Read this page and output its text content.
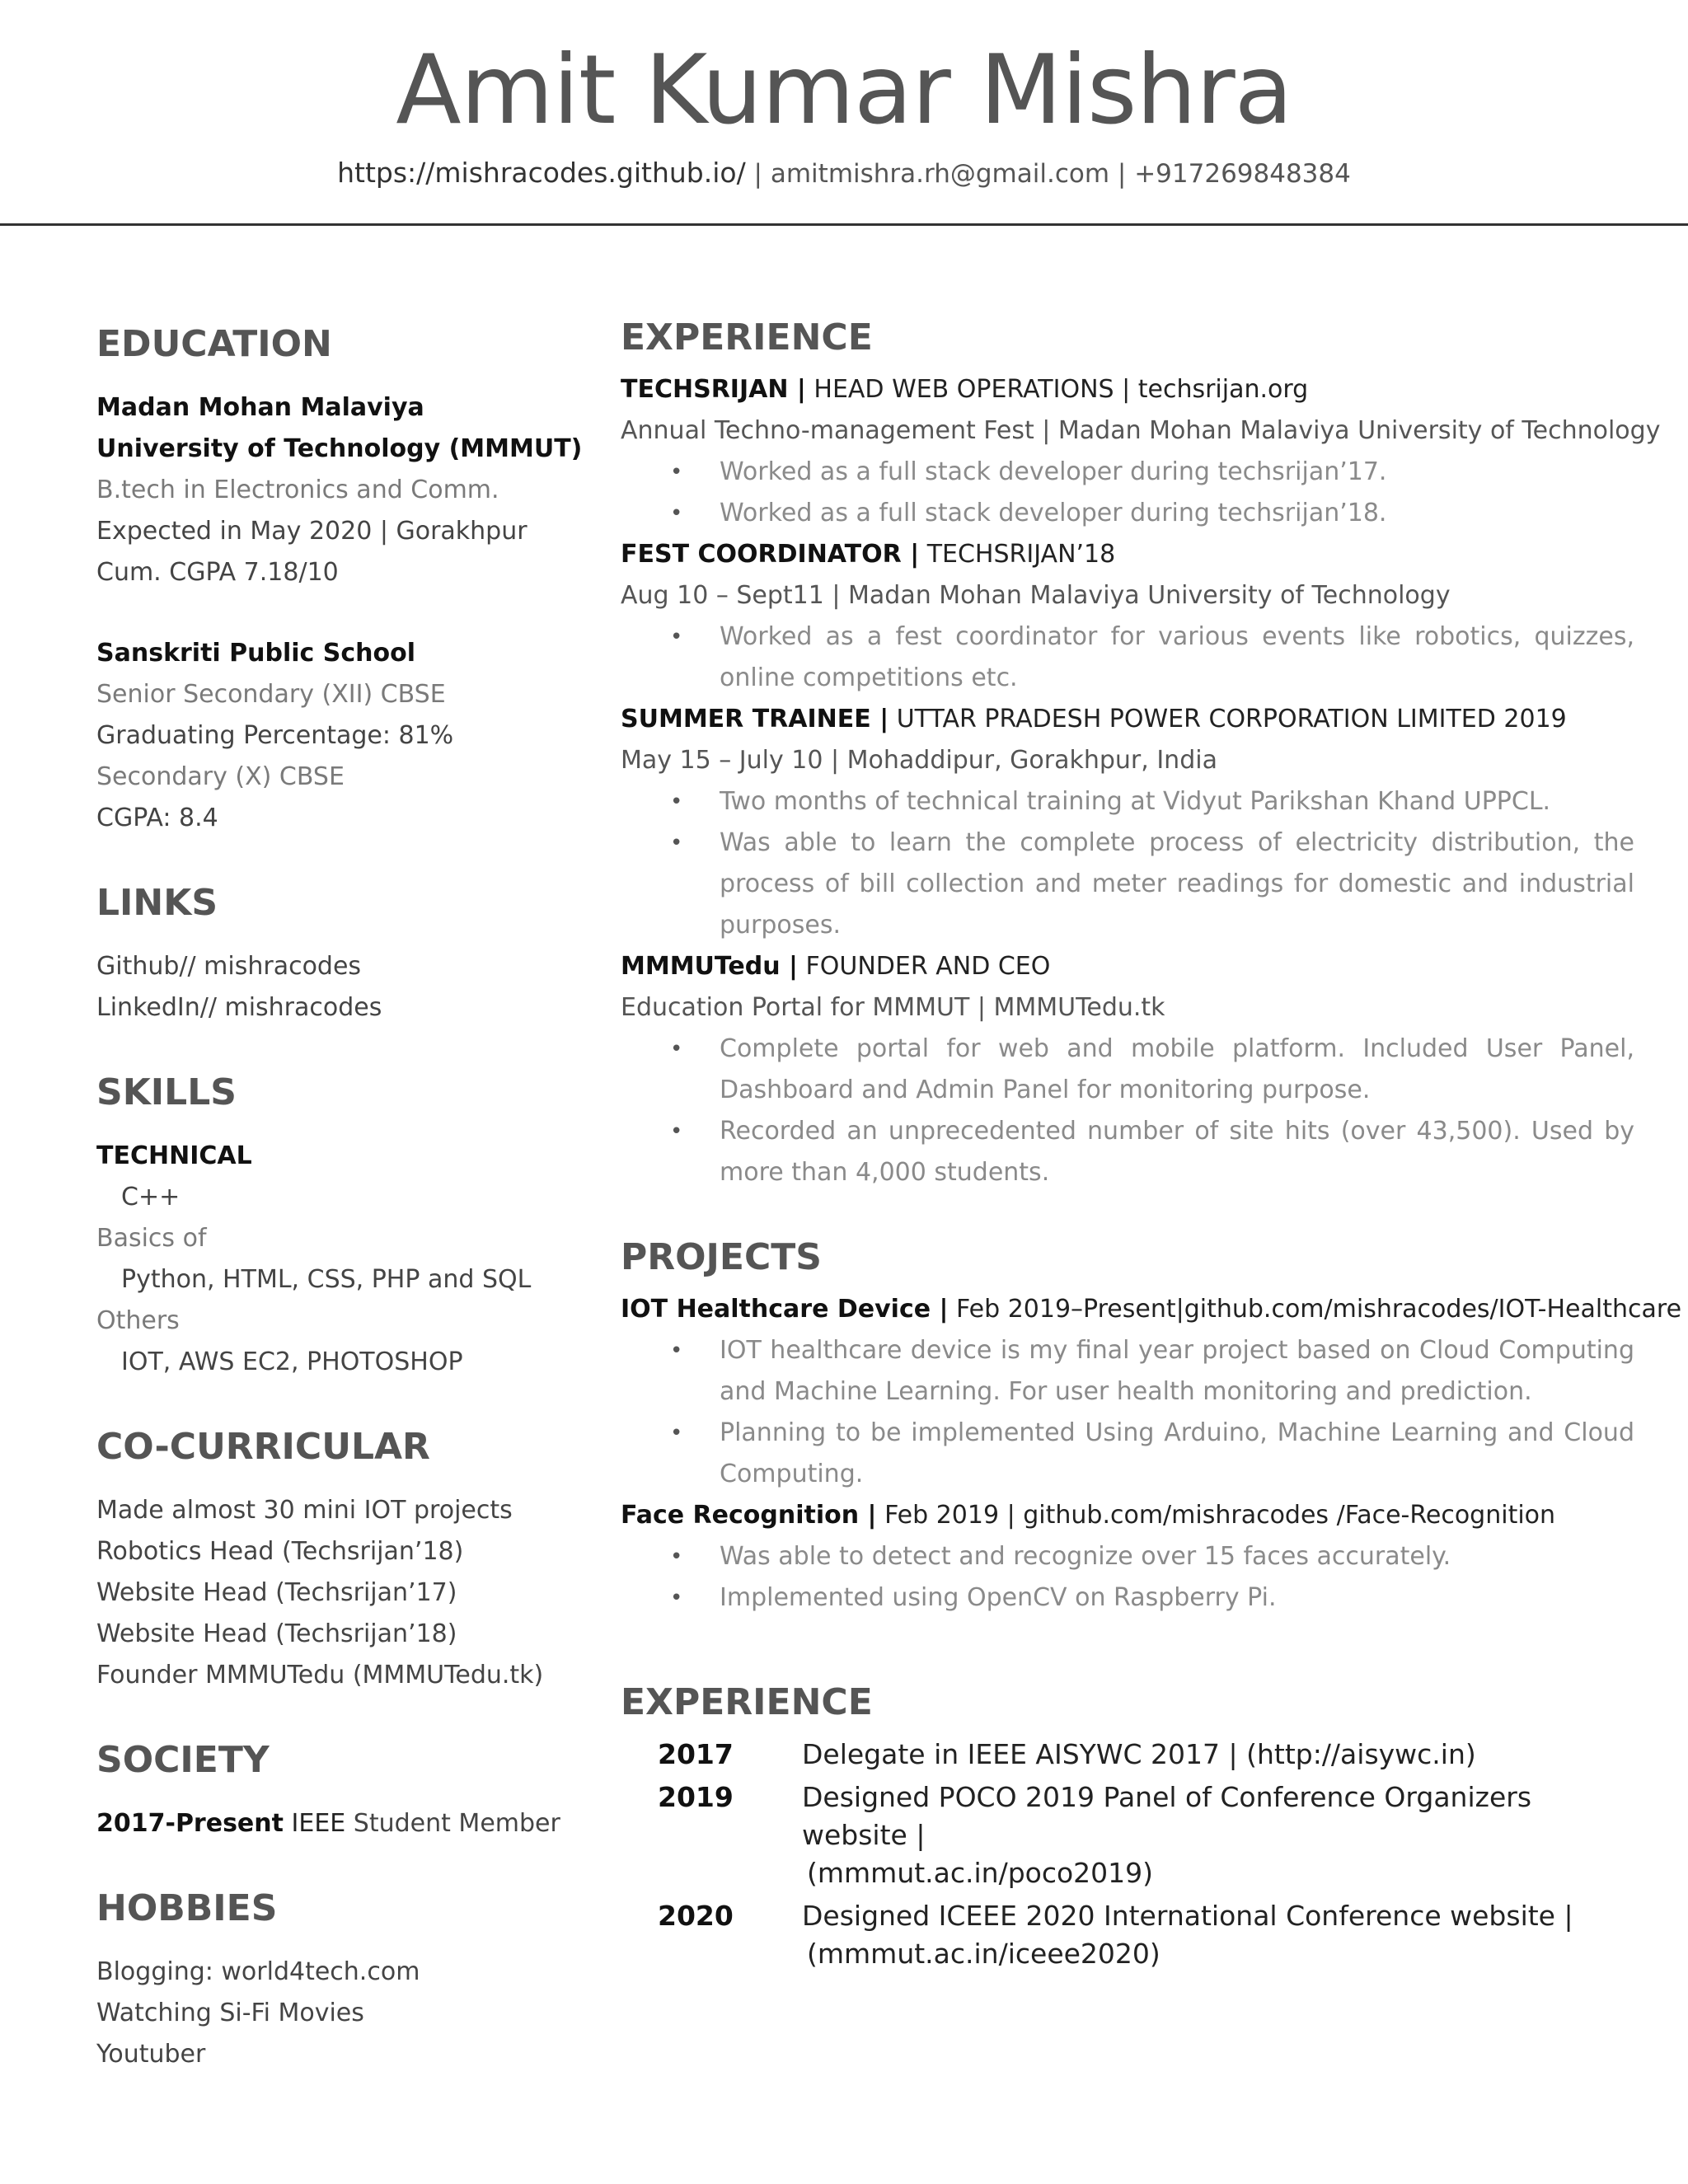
Amit Kumar Mishra
https://mishracodes.github.io/ | amitmishra.rh@gmail.com | +917269848384
EDUCATION
Madan Mohan Malaviya
University of Technology (MMMUT)
B.tech in Electronics and Comm.
Expected in May 2020 | Gorakhpur
Cum. CGPA 7.18/10
Sanskriti Public School
Senior Secondary (XII) CBSE
Graduating Percentage: 81%
Secondary (X) CBSE
CGPA: 8.4
LINKS
Github// mishracodes
LinkedIn// mishracodes
SKILLS
TECHNICAL
C++
Basics of
Python, HTML, CSS, PHP and SQL
Others
IOT, AWS EC2, PHOTOSHOP
CO-CURRICULAR
Made almost 30 mini IOT projects
Robotics Head (Techsrijan’18)
Website Head (Techsrijan’17)
Website Head (Techsrijan’18)
Founder MMMUTedu (MMMUTedu.tk)
SOCIETY
2017-Present IEEE Student Member
HOBBIES
Blogging: world4tech.com
Watching Si-Fi Movies
Youtuber
EXPERIENCE
TECHSRIJAN | HEAD WEB OPERATIONS | techsrijan.org
Annual Techno-management Fest | Madan Mohan Malaviya University of Technology
• Worked as a full stack developer during techsrijan’17.
• Worked as a full stack developer during techsrijan’18.
FEST COORDINATOR | TECHSRIJAN’18
Aug 10 – Sept11 | Madan Mohan Malaviya University of Technology
• Worked as a fest coordinator for various events like robotics, quizzes, online competitions etc.
SUMMER TRAINEE | UTTAR PRADESH POWER CORPORATION LIMITED 2019
May 15 – July 10 | Mohaddipur, Gorakhpur, India
• Two months of technical training at Vidyut Parikshan Khand UPPCL.
• Was able to learn the complete process of electricity distribution, the process of bill collection and meter readings for domestic and industrial purposes.
MMMUTedu | FOUNDER AND CEO
Education Portal for MMMUT | MMMUTedu.tk
• Complete portal for web and mobile platform. Included User Panel, Dashboard and Admin Panel for monitoring purpose.
• Recorded an unprecedented number of site hits (over 43,500). Used by more than 4,000 students.
PROJECTS
IOT Healthcare Device | Feb 2019–Present|github.com/mishracodes/IOT-Healthcare
• IOT healthcare device is my final year project based on Cloud Computing and Machine Learning. For user health monitoring and prediction.
• Planning to be implemented Using Arduino, Machine Learning and Cloud Computing.
Face Recognition | Feb 2019 | github.com/mishracodes /Face-Recognition
• Was able to detect and recognize over 15 faces accurately.
• Implemented using OpenCV on Raspberry Pi.
EXPERIENCE
2017	Delegate in IEEE AISYWC 2017 | (http://aisywc.in)
2019	Designed POCO 2019 Panel of Conference Organizers website |
(mmmut.ac.in/poco2019)
2020	Designed ICEEE 2020 International Conference website |
(mmmut.ac.in/iceee2020)
